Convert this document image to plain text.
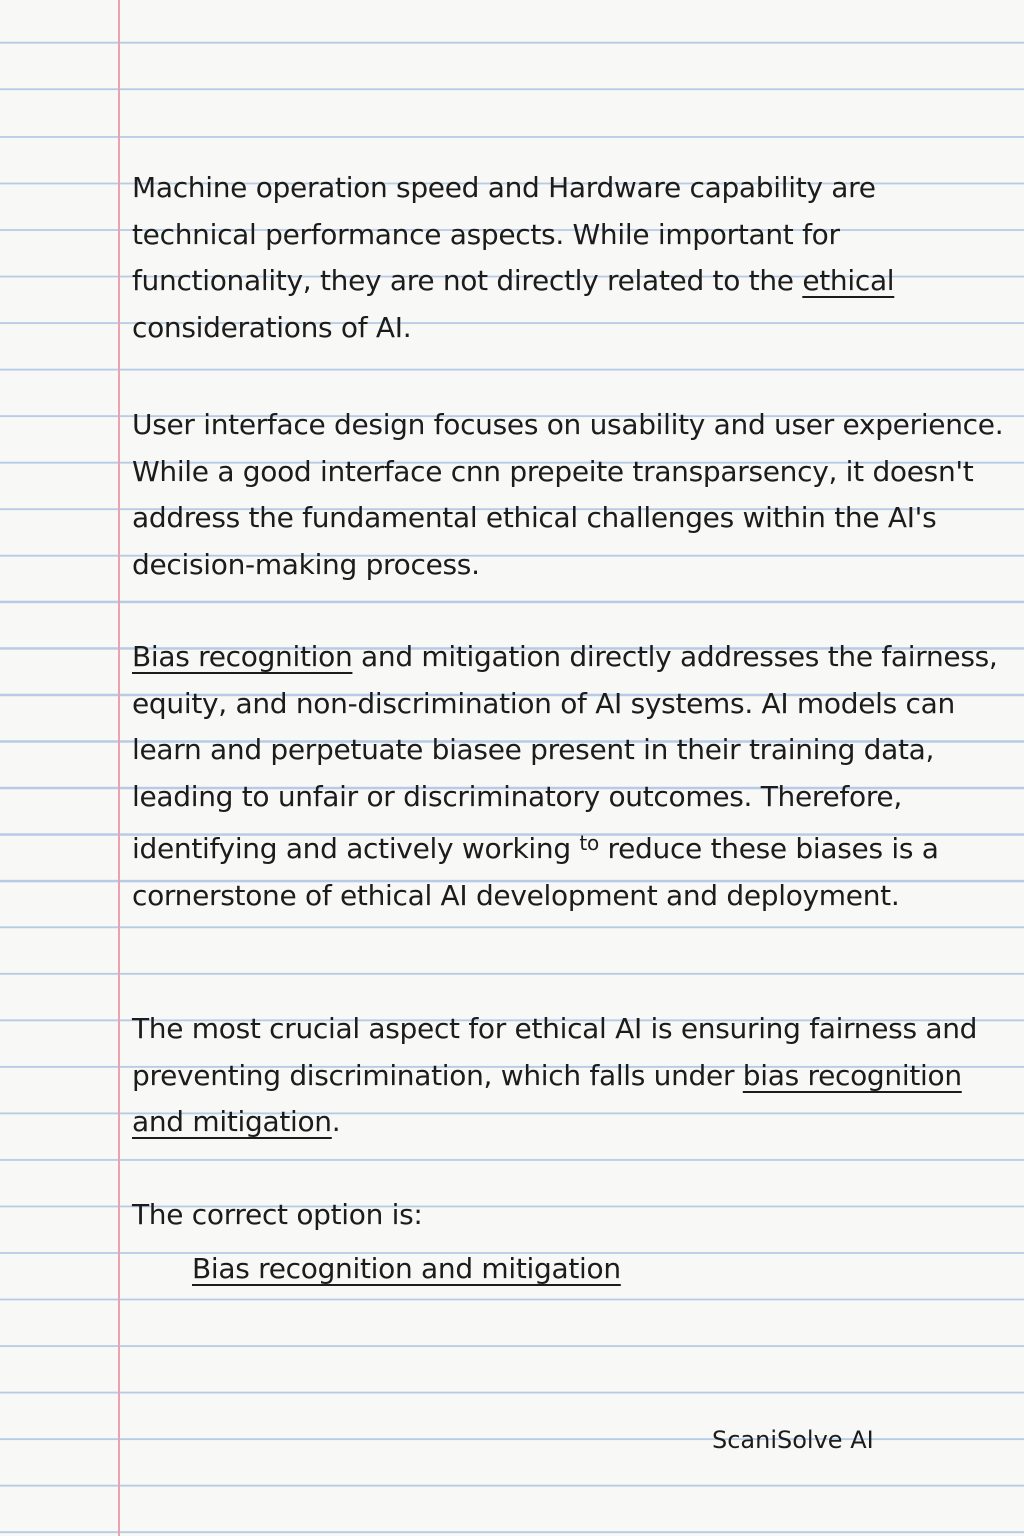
Machine operation speed and Hardware capability are technical performance aspects. While important for functionality, they are not directly related to the ethical considerations of AI.
User interface design focuses on usability and user experience. While a good interface cnn prepeite transparsency, it doesn't address the fundamental ethical challenges within the AI's decision-making process.
Bias recognition and mitigation directly addresses the fairness, equity, and non-discrimination of AI systems. AI models can learn and perpetuate biasee present in their training data, leading to unfair or discriminatory outcomes. Therefore, identifying and actively working $^{to}$ reduce these biases is a cornerstone of ethical AI development and deployment.
The most crucial aspect for ethical AI is ensuring fairness and preventing discrimination, which falls under bias recognition and mitigation.
The correct option is:
Bias recognition and mitigation
ScaniSolve AI
